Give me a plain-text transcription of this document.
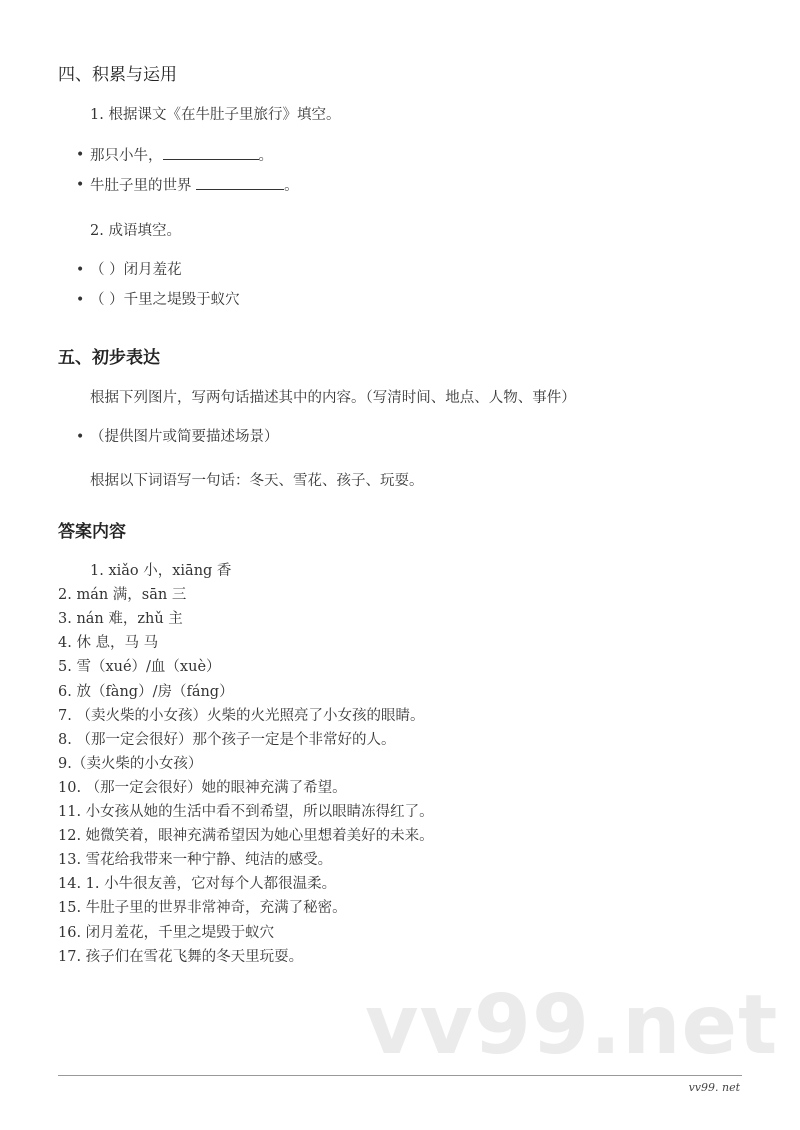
四、积累与运用
1. 根据课文《在牛肚子里旅行》填空。
• 那只小牛，	。
• 牛肚子里的世界	。
2. 成语填空。
• （ ）闭月羞花
• （ ）千里之堤毁于蚁穴
五、初步表达
根据下列图片，写两句话描述其中的内容。（写清时间、地点、人物、事件）
• （提供图片或简要描述场景）
根据以下词语写一句话：冬天、雪花、孩子、玩耍。
答案内容
1. xiǎo 小，xiāng 香
2. mán 满，sān 三
3. nán 难，zhǔ 主
4. 休 息，马 马
5. 雪（xué）/血（xuè）
6. 放（fàng）/房（fáng）
7. （卖火柴的小女孩）火柴的火光照亮了小女孩的眼睛。
8. （那一定会很好）那个孩子一定是个非常好的人。
9.（卖火柴的小女孩）
10. （那一定会很好）她的眼神充满了希望。
11. 小女孩从她的生活中看不到希望，所以眼睛冻得红了。
12. 她微笑着，眼神充满希望因为她心里想着美好的未来。
13. 雪花给我带来一种宁静、纯洁的感受。
14. 1. 小牛很友善，它对每个人都很温柔。
15. 牛肚子里的世界非常神奇，充满了秘密。
16. 闭月羞花，千里之堤毁于蚁穴
17. 孩子们在雪花飞舞的冬天里玩耍。
vv99.net
vv99. net
